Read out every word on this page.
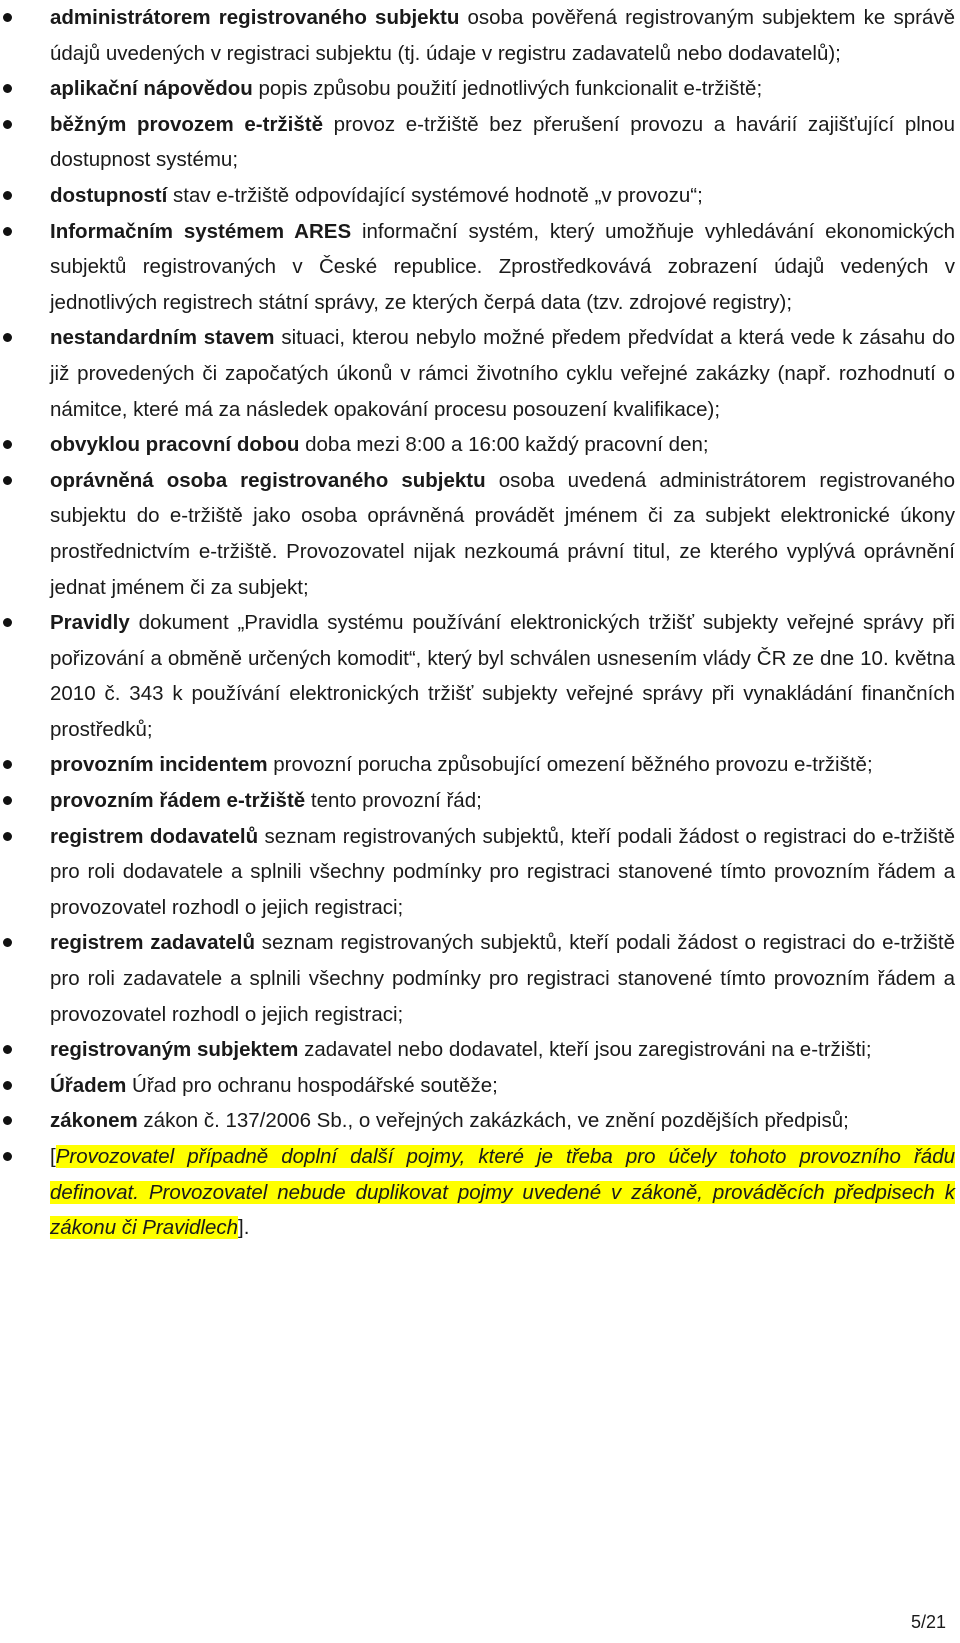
administrátorem registrovaného subjektu osoba pověřená registrovaným subjektem ke správě údajů uvedených v registraci subjektu (tj. údaje v registru zadavatelů nebo dodavatelů);
aplikační nápovědou popis způsobu použití jednotlivých funkcionalit e-tržiště;
běžným provozem e-tržiště provoz e-tržiště bez přerušení provozu a havárií zajišťující plnou dostupnost systému;
dostupností stav e-tržiště odpovídající systémové hodnotě „v provozu“;
Informačním systémem ARES informační systém, který umožňuje vyhledávání ekonomických subjektů registrovaných v České republice. Zprostředkovává zobrazení údajů vedených v jednotlivých registrech státní správy, ze kterých čerpá data (tzv. zdrojové registry);
nestandardním stavem situaci, kterou nebylo možné předem předvídat a která vede k zásahu do již provedených či započatých úkonů v rámci životního cyklu veřejné zakázky (např. rozhodnutí o námitce, které má za následek opakování procesu posouzení kvalifikace);
obvyklou pracovní dobou doba mezi 8:00 a 16:00 každý pracovní den;
oprávněná osoba registrovaného subjektu osoba uvedená administrátorem registrovaného subjektu do e-tržiště jako osoba oprávněná provádět jménem či za subjekt elektronické úkony prostřednictvím e-tržiště. Provozovatel nijak nezkoumá právní titul, ze kterého vyplývá oprávnění jednat jménem či za subjekt;
Pravidly dokument „Pravidla systému používání elektronických tržišť subjekty veřejné správy při pořizování a obměně určených komodit“, který byl schválen usnesením vlády ČR ze dne 10. května 2010 č. 343 k používání elektronických tržišť subjekty veřejné správy při vynakládání finančních prostředků;
provozním incidentem provozní porucha způsobující omezení běžného provozu e-tržiště;
provozním řádem e-tržiště tento provozní řád;
registrem dodavatelů seznam registrovaných subjektů, kteří podali žádost o registraci do e-tržiště pro roli dodavatele a splnili všechny podmínky pro registraci stanovené tímto provozním řádem a provozovatel rozhodl o jejich registraci;
registrem zadavatelů seznam registrovaných subjektů, kteří podali žádost o registraci do e-tržiště pro roli zadavatele a splnili všechny podmínky pro registraci stanovené tímto provozním řádem a provozovatel rozhodl o jejich registraci;
registrovaným subjektem zadavatel nebo dodavatel, kteří jsou zaregistrováni na e-tržišti;
Úřadem Úřad pro ochranu hospodářské soutěže;
zákonem zákon č. 137/2006 Sb., o veřejných zakázkách, ve znění pozdějších předpisů;
[Provozovatel případně doplní další pojmy, které je třeba pro účely tohoto provozního řádu definovat. Provozovatel nebude duplikovat pojmy uvedené v zákoně, prováděcích předpisech k zákonu či Pravidlech].
5/21
